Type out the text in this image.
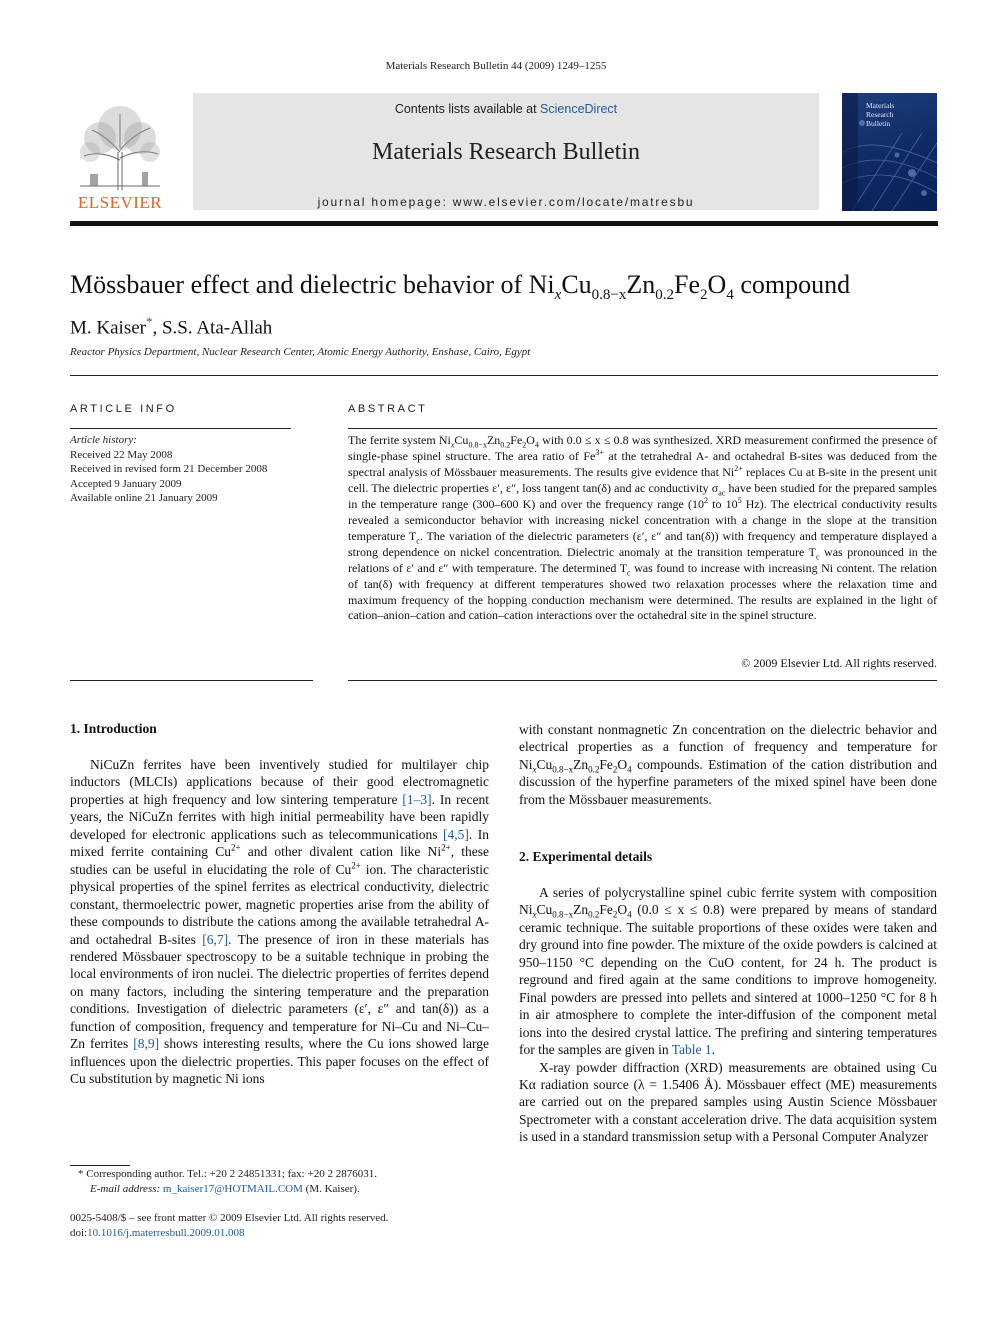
Materials Research Bulletin 44 (2009) 1249–1255
ELSEVIER
Contents lists available at ScienceDirect
Materials Research Bulletin
journal homepage: www.elsevier.com/locate/matresbu
Materials
Research
Bulletin
Mössbauer effect and dielectric behavior of $Ni_xCu_{0.8-x}Zn_{0.2}Fe_2O_4$ compound
M. Kaiser*, S.S. Ata-Allah
Reactor Physics Department, Nuclear Research Center, Atomic Energy Authority, Enshase, Cairo, Egypt
ARTICLE INFO
Article history:
Received 22 May 2008
Received in revised form 21 December 2008
Accepted 9 January 2009
Available online 21 January 2009
ABSTRACT
The ferrite system $Ni_xCu_{0.8-x}Zn_{0.2}Fe_2O_4$ with 0.0 ≤ x ≤ 0.8 was synthesized. XRD measurement confirmed the presence of single-phase spinel structure. The area ratio of $Fe^{3+}$ at the tetrahedral A- and octahedral B-sites was deduced from the spectral analysis of Mössbauer measurements. The results give evidence that $Ni^{2+}$ replaces Cu at B-site in the present unit cell. The dielectric properties ε′, ε″, loss tangent tan(δ) and ac conductivity $\sigma_{ac}$ have been studied for the prepared samples in the temperature range (300–600 K) and over the frequency range ($10^2$ to $10^5$ Hz). The electrical conductivity results revealed a semiconductor behavior with increasing nickel concentration with a change in the slope at the transition temperature $T_c$. The variation of the dielectric parameters (ε′, ε″ and tan(δ)) with frequency and temperature displayed a strong dependence on nickel concentration. Dielectric anomaly at the transition temperature $T_c$ was pronounced in the relations of ε′ and ε″ with temperature. The determined $T_c$ was found to increase with increasing Ni content. The relation of tan(δ) with frequency at different temperatures showed two relaxation processes where the relaxation time and maximum frequency of the hopping conduction mechanism were determined. The results are explained in the light of cation–anion–cation and cation–cation interactions over the octahedral site in the spinel structure.
© 2009 Elsevier Ltd. All rights reserved.
1. Introduction

NiCuZn ferrites have been inventively studied for multilayer chip inductors (MLCIs) applications because of their good electromagnetic properties at high frequency and low sintering temperature [1–3]. In recent years, the NiCuZn ferrites with high initial permeability have been rapidly developed for electronic applications such as telecommunications [4,5]. In mixed ferrite containing $Cu^{2+}$ and other divalent cation like $Ni^{2+}$, these studies can be useful in elucidating the role of $Cu^{2+}$ ion. The characteristic physical properties of the spinel ferrites as electrical conductivity, dielectric constant, thermoelectric power, magnetic properties arise from the ability of these compounds to distribute the cations among the available tetrahedral A- and octahedral B-sites [6,7]. The presence of iron in these materials has rendered Mössbauer spectroscopy to be a suitable technique in probing the local environments of iron nuclei. The dielectric properties of ferrites depend on many factors, including the sintering temperature and the preparation conditions. Investigation of dielectric parameters (ε′, ε″ and tan(δ)) as a function of composition, frequency and temperature for Ni–Cu and Ni–Cu–Zn ferrites [8,9] shows interesting results, where the Cu ions showed large influences upon the dielectric properties. This paper focuses on the effect of Cu substitution by magnetic Ni ions

* Corresponding author. Tel.: +20 2 24851331; fax: +20 2 2876031.
E-mail address: m_kaiser17@HOTMAIL.COM (M. Kaiser).
0025-5408/$ – see front matter © 2009 Elsevier Ltd. All rights reserved.
doi:10.1016/j.materresbull.2009.01.008
with constant nonmagnetic Zn concentration on the dielectric behavior and electrical properties as a function of frequency and temperature for $Ni_xCu_{0.8-x}Zn_{0.2}Fe_2O_4$ compounds. Estimation of the cation distribution and discussion of the hyperfine parameters of the mixed spinel have been done from the Mössbauer measurements.
2. Experimental details

A series of polycrystalline spinel cubic ferrite system with composition $Ni_xCu_{0.8-x}Zn_{0.2}Fe_2O_4$ (0.0 ≤ x ≤ 0.8) were prepared by means of standard ceramic technique. The suitable proportions of these oxides were taken and dry ground into fine powder. The mixture of the oxide powders is calcined at 950–1150 °C depending on the CuO content, for 24 h. The product is reground and fired again at the same conditions to improve homogeneity. Final powders are pressed into pellets and sintered at 1000–1250 °C for 8 h in air atmosphere to complete the inter-diffusion of the component metal ions into the desired crystal lattice. The prefiring and sintering temperatures for the samples are given in Table 1.

X-ray powder diffraction (XRD) measurements are obtained using Cu Kα radiation source (λ = 1.5406 Å). Mössbauer effect (ME) measurements are carried out on the prepared samples using Austin Science Mössbauer Spectrometer with a constant acceleration drive. The data acquisition system is used in a standard transmission setup with a Personal Computer Analyzer
